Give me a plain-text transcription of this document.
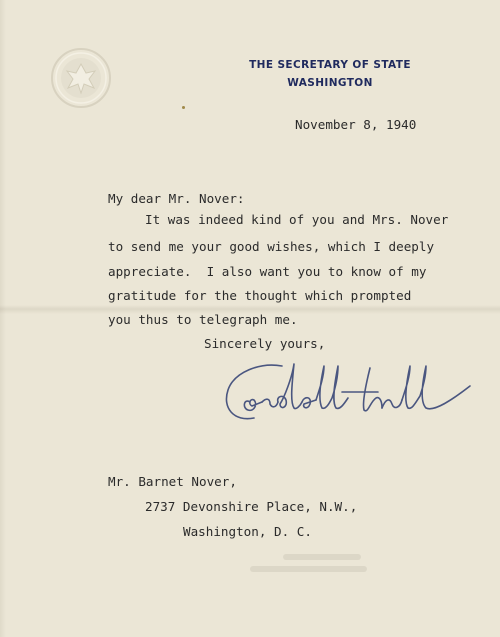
THE SECRETARY OF STATE
WASHINGTON
November 8, 1940
My dear Mr. Nover:
It was indeed kind of you and Mrs. Nover
to send me your good wishes, which I deeply
appreciate.  I also want you to know of my
gratitude for the thought which prompted
you thus to telegraph me.
Sincerely yours,
Mr. Barnet Nover,
2737 Devonshire Place, N.W.,
Washington, D. C.
